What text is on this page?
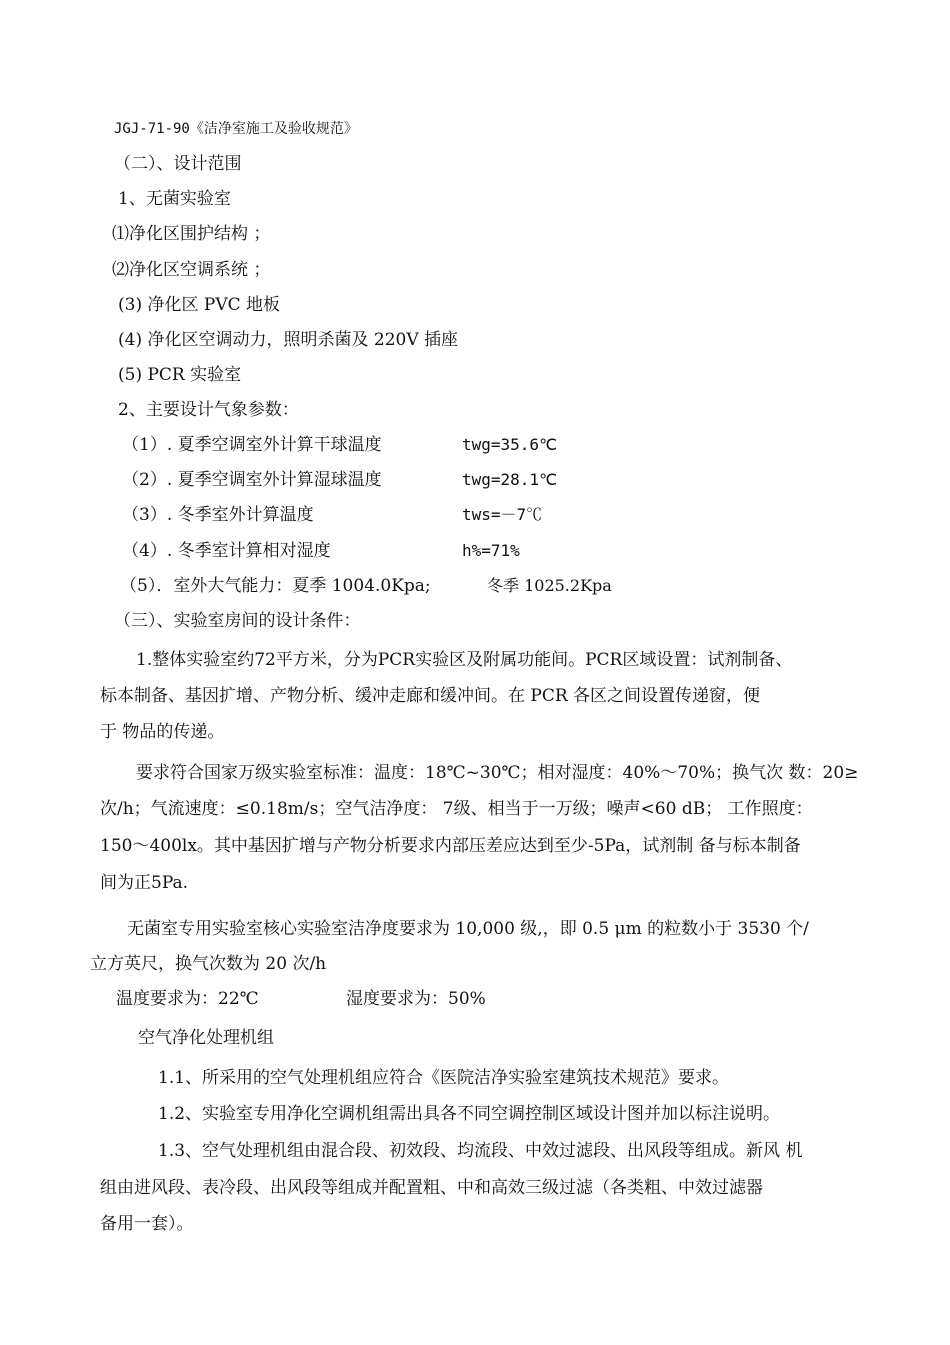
JGJ-71-90《洁净室施工及验收规范》
（二）、设计范围
1、无菌实验室
⑴净化区围护结构 ；
⑵净化区空调系统 ；
(3) 净化区 PVC 地板
(4) 净化区空调动力，照明杀菌及 220V 插座
(5) PCR 实验室
2、主要设计气象参数：
（1）. 夏季空调室外计算干球温度	twg=35.6℃
（2）. 夏季空调室外计算湿球温度	twg=28.1℃
（3）. 冬季室外计算温度	tws=－7℃
（4）. 冬季室计算相对湿度	h%=71%
（5）．室外大气能力：夏季 1004.0Kpa;	冬季 1025.2Kpa
（三）、实验室房间的设计条件：
1.整体实验室约72平方米，分为PCR实验区及附属功能间。PCR区域设置：试剂制备、
标本制备、基因扩增、产物分析、缓冲走廊和缓冲间。在 PCR 各区之间设置传递窗，便
于 物品的传递。
要求符合国家万级实验室标准：温度：18℃~30℃；相对湿度：40%～70%；换气次 数：20≥
次/h；气流速度：≤0.18m/s；空气洁净度： 7级、相当于一万级；噪声<60 dB； 工作照度：
150～400lx。其中基因扩增与产物分析要求内部压差应达到至少-5Pa，试剂制 备与标本制备
间为正5Pa.
无菌室专用实验室核心实验室洁净度要求为 10,000 级,，即 0.5 μm 的粒数小于 3530 个/
立方英尺，换气次数为 20 次/h
温度要求为：22℃	湿度要求为：50%
空气净化处理机组
1.1、所采用的空气处理机组应符合《医院洁净实验室建筑技术规范》要求。
1.2、实验室专用净化空调机组需出具各不同空调控制区域设计图并加以标注说明。
1.3、空气处理机组由混合段、初效段、均流段、中效过滤段、出风段等组成。新风 机
组由进风段、表冷段、出风段等组成并配置粗、中和高效三级过滤（各类粗、中效过滤器
备用一套）。
